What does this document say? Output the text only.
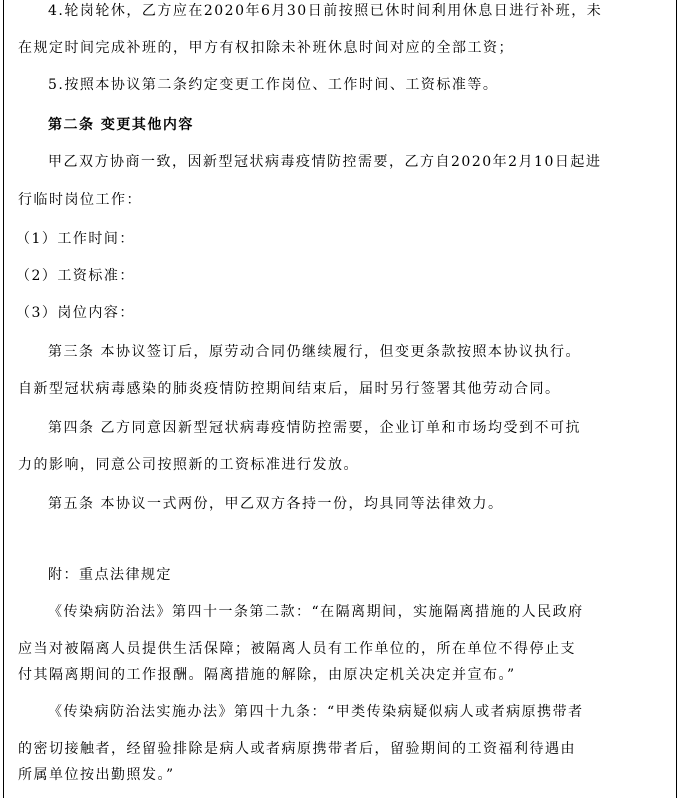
4.轮岗轮休，乙方应在2020年6月30日前按照已休时间利用休息日进行补班，未
在规定时间完成补班的，甲方有权扣除未补班休息时间对应的全部工资；
5.按照本协议第二条约定变更工作岗位、工作时间、工资标准等。
第二条 变更其他内容
甲乙双方协商一致，因新型冠状病毒疫情防控需要，乙方自2020年2月10日起进
行临时岗位工作：
（1）工作时间：
（2）工资标准：
（3）岗位内容：
第三条 本协议签订后，原劳动合同仍继续履行，但变更条款按照本协议执行。
自新型冠状病毒感染的肺炎疫情防控期间结束后，届时另行签署其他劳动合同。
第四条 乙方同意因新型冠状病毒疫情防控需要，企业订单和市场均受到不可抗
力的影响，同意公司按照新的工资标准进行发放。
第五条 本协议一式两份，甲乙双方各持一份，均具同等法律效力。
附：重点法律规定
《传染病防治法》第四十一条第二款：“在隔离期间，实施隔离措施的人民政府
应当对被隔离人员提供生活保障；被隔离人员有工作单位的，所在单位不得停止支
付其隔离期间的工作报酬。隔离措施的解除，由原决定机关决定并宣布。”
《传染病防治法实施办法》第四十九条：“甲类传染病疑似病人或者病原携带者
的密切接触者，经留验排除是病人或者病原携带者后，留验期间的工资福利待遇由
所属单位按出勤照发。”
